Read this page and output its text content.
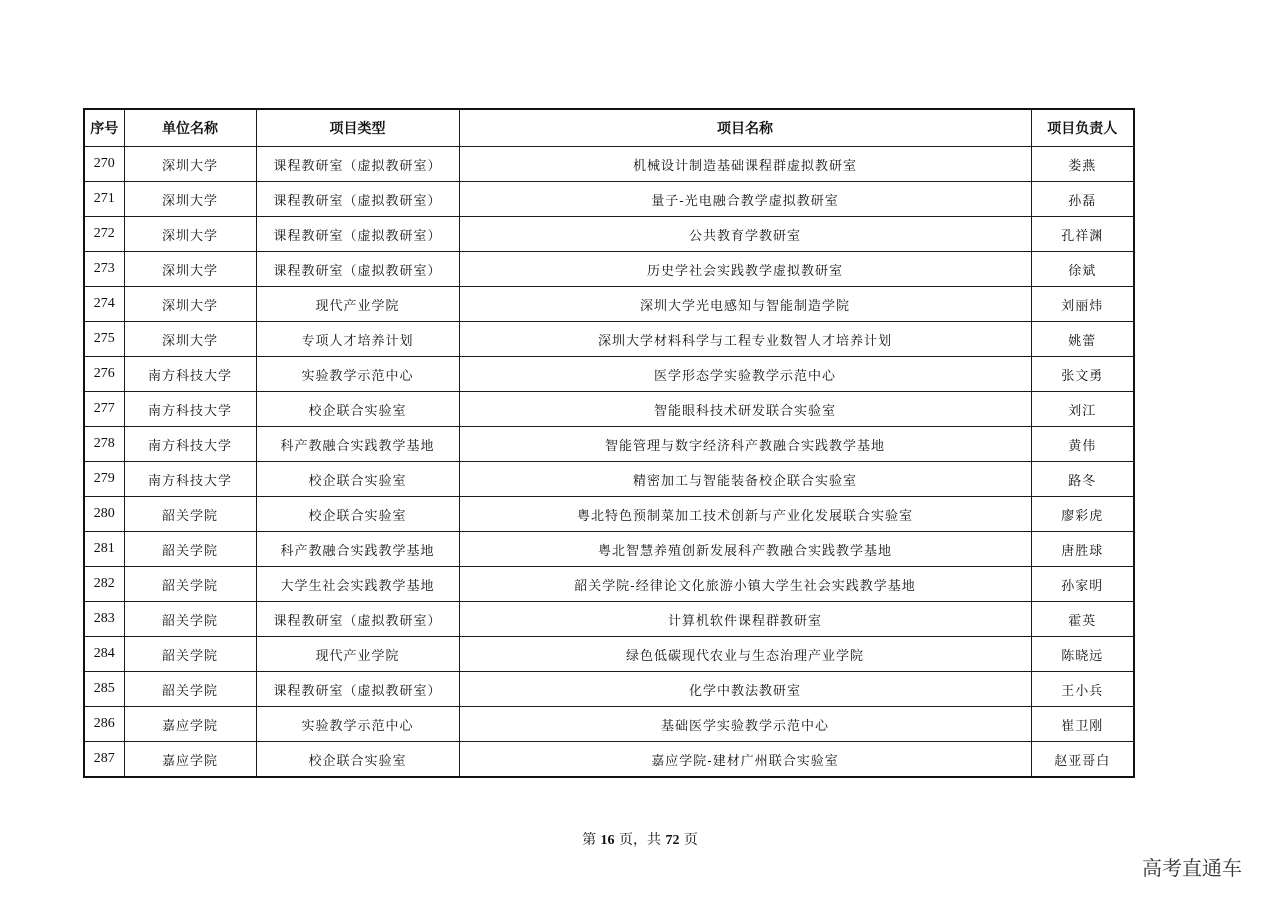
序号	单位名称	项目类型	项目名称	项目负责人
270	深圳大学	课程教研室（虚拟教研室）	机械设计制造基础课程群虚拟教研室	娄燕
271	深圳大学	课程教研室（虚拟教研室）	量子-光电融合教学虚拟教研室	孙磊
272	深圳大学	课程教研室（虚拟教研室）	公共教育学教研室	孔祥渊
273	深圳大学	课程教研室（虚拟教研室）	历史学社会实践教学虚拟教研室	徐斌
274	深圳大学	现代产业学院	深圳大学光电感知与智能制造学院	刘丽炜
275	深圳大学	专项人才培养计划	深圳大学材料科学与工程专业数智人才培养计划	姚蕾
276	南方科技大学	实验教学示范中心	医学形态学实验教学示范中心	张文勇
277	南方科技大学	校企联合实验室	智能眼科技术研发联合实验室	刘江
278	南方科技大学	科产教融合实践教学基地	智能管理与数字经济科产教融合实践教学基地	黄伟
279	南方科技大学	校企联合实验室	精密加工与智能装备校企联合实验室	路冬
280	韶关学院	校企联合实验室	粤北特色预制菜加工技术创新与产业化发展联合实验室	廖彩虎
281	韶关学院	科产教融合实践教学基地	粤北智慧养殖创新发展科产教融合实践教学基地	唐胜球
282	韶关学院	大学生社会实践教学基地	韶关学院-经律论文化旅游小镇大学生社会实践教学基地	孙家明
283	韶关学院	课程教研室（虚拟教研室）	计算机软件课程群教研室	霍英
284	韶关学院	现代产业学院	绿色低碳现代农业与生态治理产业学院	陈晓远
285	韶关学院	课程教研室（虚拟教研室）	化学中教法教研室	王小兵
286	嘉应学院	实验教学示范中心	基础医学实验教学示范中心	崔卫刚
287	嘉应学院	校企联合实验室	嘉应学院-建材广州联合实验室	赵亚哥白
第 16 页，共 72 页
高考直通车
